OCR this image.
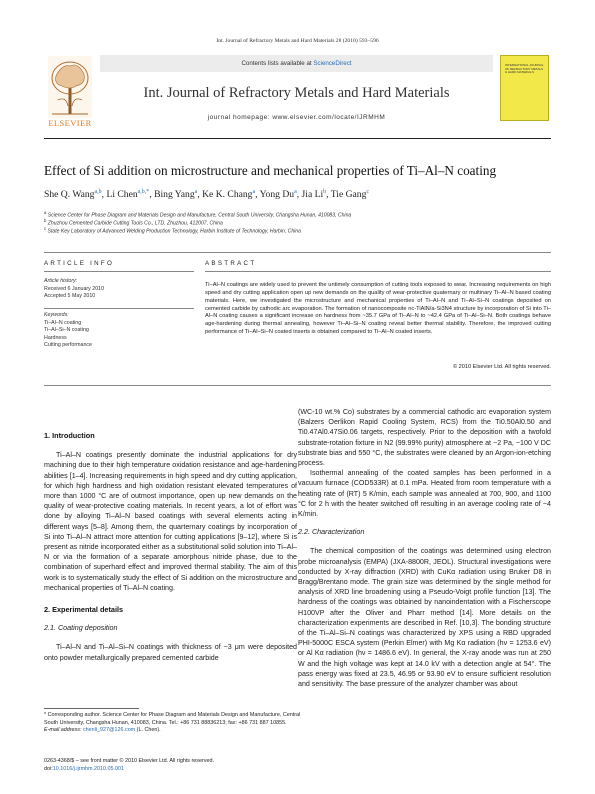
Int. Journal of Refractory Metals and Hard Materials 28 (2010) 593–596
ELSEVIER
Contents lists available at ScienceDirect
Int. Journal of Refractory Metals and Hard Materials
journal homepage: www.elsevier.com/locate/IJRMHM
INTERNATIONAL JOURNAL OF REFRACTORY METALS & HARD MATERIALS
Effect of Si addition on microstructure and mechanical properties of Ti–Al–N coating
She Q. Wang$^{a,b}$, Li Chen$^{a,b,*}$, Bing Yang$^a$, Ke K. Chang$^a$, Yong Du$^a$, Jia Li$^b$, Tie Gang$^c$
$^a$ Science Center for Phase Diagram and Materials Design and Manufacture, Central South University, Changsha Hunan, 410083, China
$^b$ Zhuzhou Cemented Carbide Cutting Tools Co., LTD, Zhuzhou, 412007, China
$^c$ State Key Laboratory of Advanced Welding Production Technology, Harbin Institute of Technology, Harbin, China
ARTICLE INFO
Article history:
Received 6 January 2010
Accepted 5 May 2010
Keywords:
Ti–Al–N coating
Ti–Al–Si–N coating
Hardness
Cutting performance
ABSTRACT
Ti–Al–N coatings are widely used to prevent the untimely consumption of cutting tools exposed to wear. Increasing requirements on high speed and dry cutting application open up new demands on the quality of wear-protective quaternary or multinary Ti–Al–N based coating materials. Here, we investigated the microstructure and mechanical properties of Ti–Al–N and Ti–Al–Si–N coatings deposited on cemented carbide by cathodic arc evaporation. The formation of nanocomposite nc-TiAlN/a-Si3N4 structure by incorporation of Si into Ti–Al–N coating causes a significant increase on hardness from ~35.7 GPa of Ti–Al–N to ~42.4 GPa of Ti–Al–Si–N. Both coatings behave age-hardening during thermal annealing, however Ti–Al–Si–N coating reveal better thermal stability. Therefore, the improved cutting performance of Ti–Al–Si–N coated inserts is obtained compared to Ti–Al–N coated inserts.
© 2010 Elsevier Ltd. All rights reserved.
1. Introduction

Ti–Al–N coatings presently dominate the industrial applications for dry machining due to their high temperature oxidation resistance and age-hardening abilities [1–4]. Increasing requirements in high speed and dry cutting application, for which high hardness and high oxidation resistant elevated temperatures of more than 1000 °C are of outmost importance, open up new demands on the quality of wear-protective coating materials. In recent years, a lot of effort was done by alloying Ti–Al–N based coatings with several elements acting in different ways [5–8]. Among them, the quarternary coatings by incorporation of Si into Ti–Al–N attract more attention for cutting applications [9–12], where Si is present as nitride incorporated either as a substitutional solid solution into Ti–Al–N or via the formation of a separate amorphous nitride phase, due to the combination of superhard effect and improved thermal stability. The aim of this work is to systematically study the effect of Si addition on the microstructure and mechanical properties of Ti–Al–N coating.

2. Experimental details
2.1. Coating deposition

Ti–Al–N and Ti–Al–Si–N coatings with thickness of ~3 μm were deposited onto powder metallurgically prepared cemented carbide

(WC-10 wt.% Co) substrates by a commercial cathodic arc evaporation system (Balzers Oerlikon Rapid Cooling System, RCS) from the Ti0.50Al0.50 and Ti0.47Al0.47Si0.06 targets, respectively. Prior to the deposition with a twofold substrate-rotation fixture in N2 (99.99% purity) atmosphere at ~2 Pa, −100 V DC substrate bias and 550 °C, the substrates were cleaned by an Argon-ion-etching process.

Isothermal annealing of the coated samples has been performed in a vacuum furnace (COD533R) at 0.1 mPa. Heated from room temperature with a heating rate of (RT) 5 K/min, each sample was annealed at 700, 900, and 1100 °C for 2 h with the heater switched off resulting in an average cooling rate of ~4 K/min.

2.2. Characterization

The chemical composition of the coatings was determined using electron probe microanalysis (EMPA) (JXA-8800R, JEOL). Structural investigations were conducted by X-ray diffraction (XRD) with CuKα radiation using Bruker D8 in Bragg/Brentano mode. The grain size was determined by the single method for analysis of XRD line broadening using a Pseudo-Voigt profile function [13]. The hardness of the coatings was obtained by nanoindentation with a Fischerscope H100VP after the Oliver and Pharr method [14]. More details on the characterization experiments are described in Ref. [10,3]. The bonding structure of the Ti–Al–Si–N coatings was characterized by XPS using a RBD upgraded PHI-5000C ESCA system (Perkin Elmer) with Mg Kα radiation (hν = 1253.6 eV) or Al Kα radiation (hν = 1486.6 eV). In general, the X-ray anode was run at 250 W and the high voltage was kept at 14.0 kV with a detection angle at 54°. The pass energy was fixed at 23.5, 46.95 or 93.90 eV to ensure sufficient resolution and sensitivity. The base pressure of the analyzer chamber was about

* Corresponding author. Science Center for Phase Diagram and Materials Design and Manufacture, Central South University, Changsha Hunan, 410083, China. Tel.: +86 731 88836213; fax: +86 731 887 10855.
E-mail address: chenli_927@126.com (L. Chen).
0263-4368/$ – see front matter © 2010 Elsevier Ltd. All rights reserved.
doi:10.1016/j.ijrmhm.2010.05.001
